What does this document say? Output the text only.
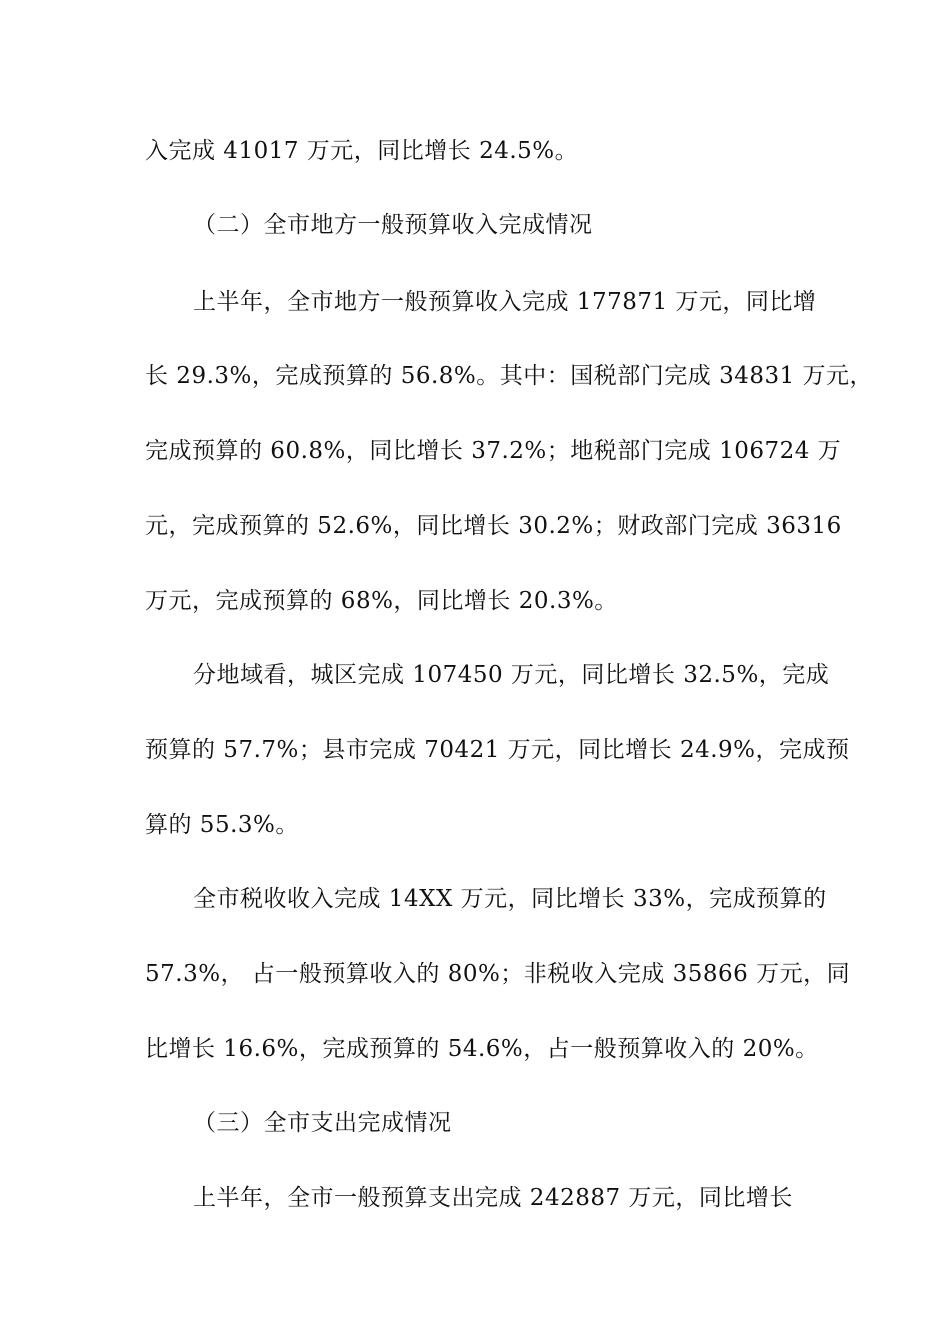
入完成 41017 万元，同比增长 24.5%。
（二）全市地方一般预算收入完成情况
上半年，全市地方一般预算收入完成 177871 万元，同比增
长 29.3%，完成预算的 56.8%。其中：国税部门完成 34831 万元，
完成预算的 60.8%，同比增长 37.2%；地税部门完成 106724 万
元，完成预算的 52.6%，同比增长 30.2%；财政部门完成 36316
万元，完成预算的 68%，同比增长 20.3%。
分地域看，城区完成 107450 万元，同比增长 32.5%，完成
预算的 57.7%；县市完成 70421 万元，同比增长 24.9%，完成预
算的 55.3%。
全市税收收入完成 14XX 万元，同比增长 33%，完成预算的
57.3%， 占一般预算收入的 80%；非税收入完成 35866 万元，同
比增长 16.6%，完成预算的 54.6%，占一般预算收入的 20%。
（三）全市支出完成情况
上半年，全市一般预算支出完成 242887 万元，同比增长
